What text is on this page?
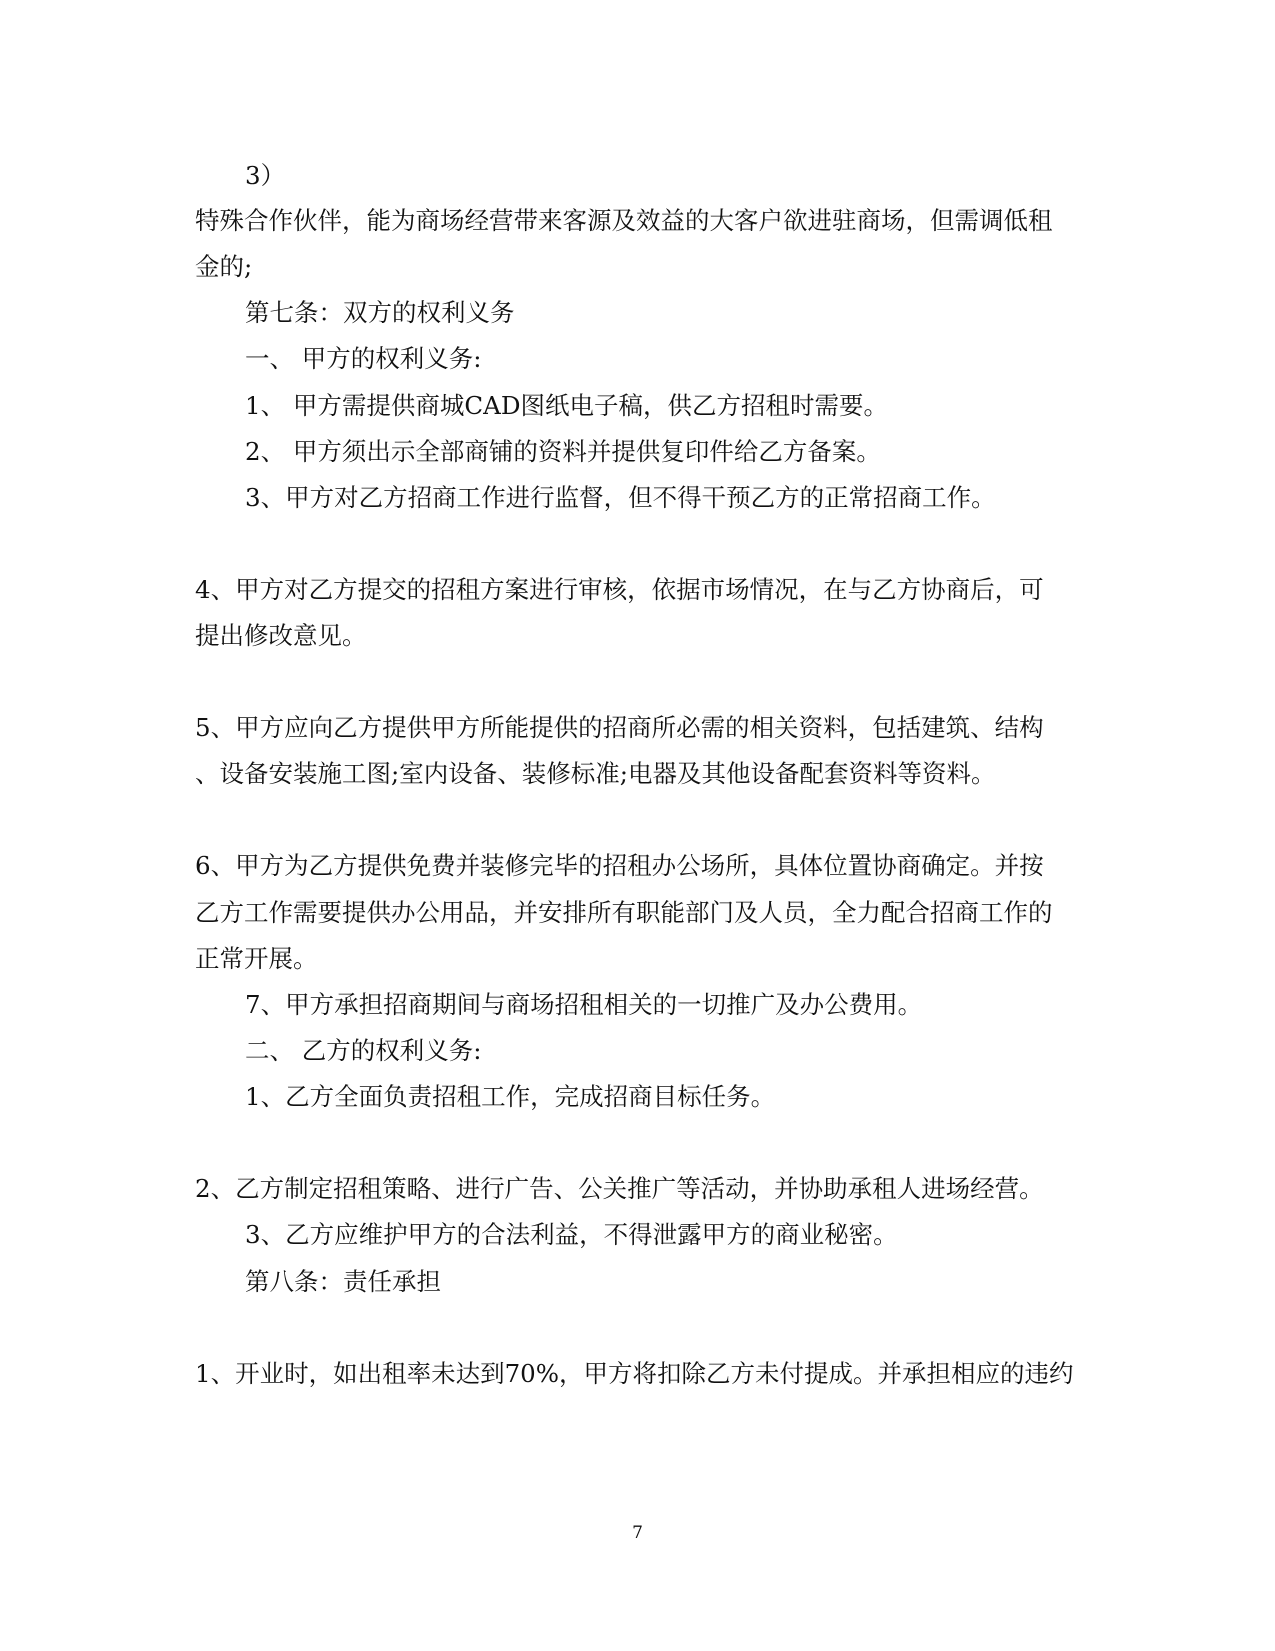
3）
特殊合作伙伴，能为商场经营带来客源及效益的大客户欲进驻商场，但需调低租
金的;
第七条：双方的权利义务
一、 甲方的权利义务:
1、 甲方需提供商城CAD图纸电子稿，供乙方招租时需要。
2、 甲方须出示全部商铺的资料并提供复印件给乙方备案。
3、甲方对乙方招商工作进行监督，但不得干预乙方的正常招商工作。
4、甲方对乙方提交的招租方案进行审核，依据市场情况，在与乙方协商后，可
提出修改意见。
5、甲方应向乙方提供甲方所能提供的招商所必需的相关资料，包括建筑、结构
、设备安装施工图;室内设备、装修标准;电器及其他设备配套资料等资料。
6、甲方为乙方提供免费并装修完毕的招租办公场所，具体位置协商确定。并按
乙方工作需要提供办公用品，并安排所有职能部门及人员，全力配合招商工作的
正常开展。
7、甲方承担招商期间与商场招租相关的一切推广及办公费用。
二、 乙方的权利义务:
1、乙方全面负责招租工作，完成招商目标任务。
2、乙方制定招租策略、进行广告、公关推广等活动，并协助承租人进场经营。
3、乙方应维护甲方的合法利益，不得泄露甲方的商业秘密。
第八条：责任承担
1、开业时，如出租率未达到70%，甲方将扣除乙方未付提成。并承担相应的违约
7
